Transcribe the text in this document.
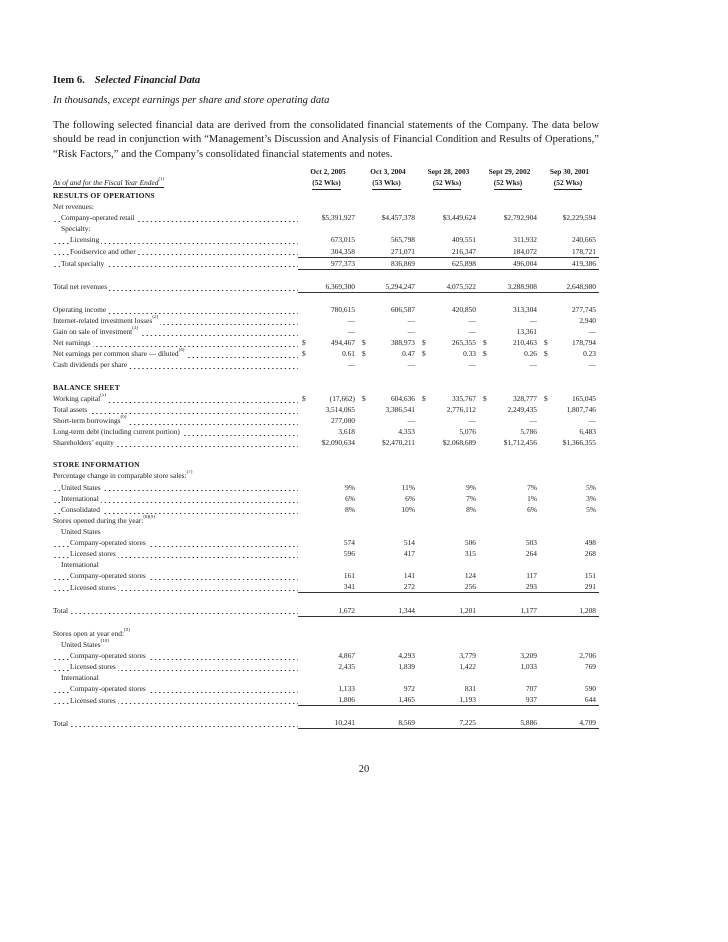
Item 6. Selected Financial Data

In thousands, except earnings per share and store operating data

The following selected financial data are derived from the consolidated financial statements of the Company. The data below should be read in conjunction with “Management’s Discussion and Analysis of Financial Condition and Results of Operations,” “Risk Factors,” and the Company’s consolidated financial statements and notes.

	Oct 2, 2005	Oct 3, 2004	Sept 28, 2003	Sept 29, 2002	Sep 30, 2001
As of and for the Fiscal Year Ended$^{(1)}$	(52 Wks)	(53 Wks)	(52 Wks)	(52 Wks)	(52 Wks)
RESULTS OF OPERATIONS					
Net revenues:					
Company-operated retail	$5,391,927	$4,457,378	$3,449,624	$2,792,904	$2,229,594
Specialty:					
Licensing	673,015	565,798	409,551	311,932	240,665
Foodservice and other	304,358	271,071	216,347	184,072	178,721
Total specialty	977,373	836,869	625,898	496,004	419,386

Total net revenues	6,369,300	5,294,247	4,075,522	3,288,908	2,648,980

Operating income	780,615	606,587	420,850	313,304	277,745
Internet-related investment losses$^{(2)}$	—	—	—	—	2,940
Gain on sale of investment$^{(3)}$	—	—	—	13,361	—
Net earnings	$ 494,467	$ 388,973	$ 265,355	$ 210,463	$ 178,794
Net earnings per common share — diluted$^{(4)}$	$ 0.61	$ 0.47	$ 0.33	$ 0.26	$ 0.23
Cash dividends per share	—	—	—	—	—

BALANCE SHEET					
Working capital$^{(5)}$	$ (17,662)	$ 604,636	$ 335,767	$ 328,777	$ 165,045
Total assets	3,514,065	3,386,541	2,776,112	2,249,435	1,807,746
Short-term borrowings$^{(6)}$	277,000	—	—	—	—
Long-term debt (including current portion)	3,618	4,353	5,076	5,786	6,483
Shareholders’ equity	$2,090,634	$2,470,211	$2,068,689	$1,712,456	$1,366,355

STORE INFORMATION					
Percentage change in comparable store sales:$^{(7)}$					
United States	9%	11%	9%	7%	5%
International	6%	6%	7%	1%	3%
Consolidated	8%	10%	8%	6%	5%
Stores opened during the year:$^{(8)(9)}$					
United States					
Company-operated stores	574	514	506	503	498
Licensed stores	596	417	315	264	268
International					
Company-operated stores	161	141	124	117	151
Licensed stores	341	272	256	293	291

Total	1,672	1,344	1,201	1,177	1,208

Stores open at year end:$^{(9)}$					
United States$^{(10)}$					
Company-operated stores	4,867	4,293	3,779	3,209	2,706
Licensed stores	2,435	1,839	1,422	1,033	769
International					
Company-operated stores	1,133	972	831	707	590
Licensed stores	1,806	1,465	1,193	937	644

Total	10,241	8,569	7,225	5,886	4,709
20
